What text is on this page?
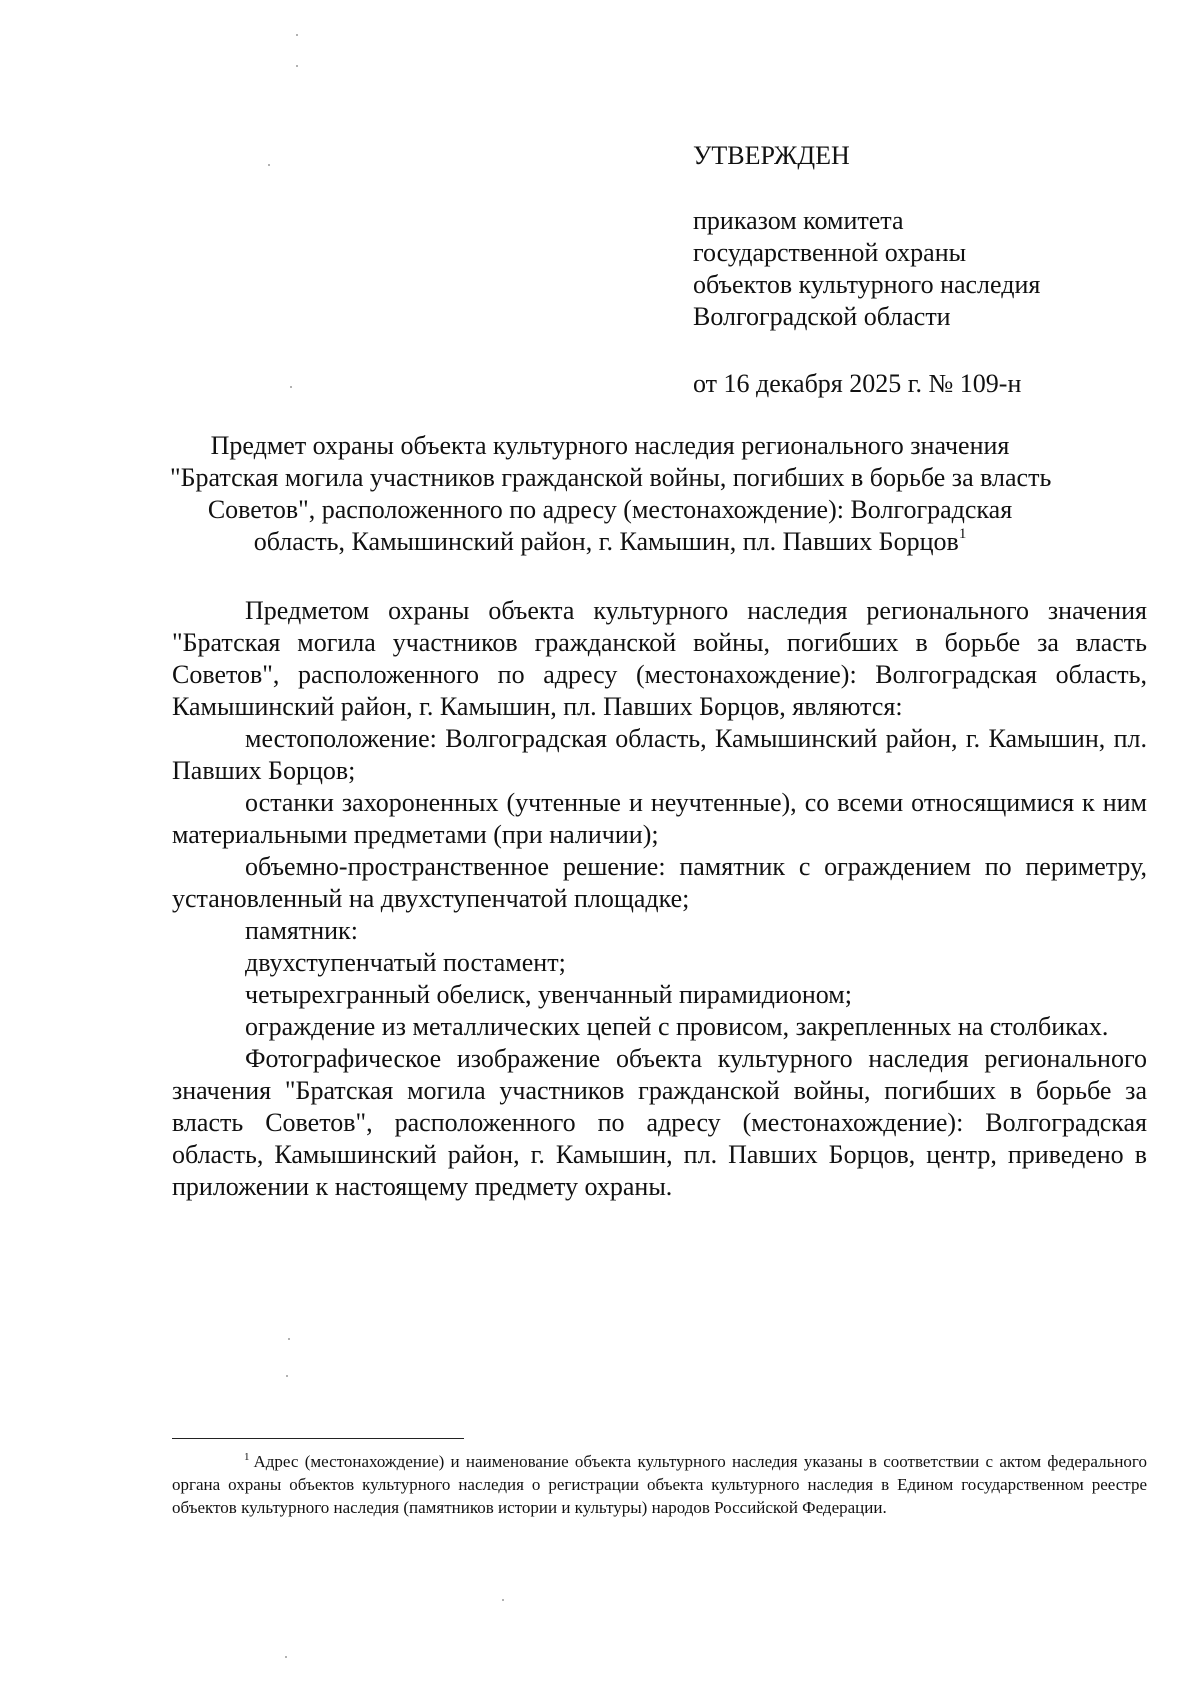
УТВЕРЖДЕН
приказом комитета
государственной охраны
объектов культурного наследия
Волгоградской области
от 16 декабря 2025 г. № 109-н
Предмет охраны объекта культурного наследия регионального значения
"Братская могила участников гражданской войны, погибших в борьбе за власть
Советов", расположенного по адресу (местонахождение): Волгоградская
область, Камышинский район, г. Камышин, пл. Павших Борцов$^1$

Предметом охраны объекта культурного наследия регионального значения "Братская могила участников гражданской войны, погибших в борьбе за власть Советов", расположенного по адресу (местонахождение): Волгоградская область, Камышинский район, г. Камышин, пл. Павших Борцов, являются:

местоположение: Волгоградская область, Камышинский район, г. Камышин, пл. Павших Борцов;

останки захороненных (учтенные и неучтенные), со всеми относящимися к ним материальными предметами (при наличии);

объемно-пространственное решение: памятник с ограждением по периметру, установленный на двухступенчатой площадке;

памятник:

двухступенчатый постамент;

четырехгранный обелиск, увенчанный пирамидионом;

ограждение из металлических цепей с провисом, закрепленных на столбиках.

Фотографическое изображение объекта культурного наследия регионального значения "Братская могила участников гражданской войны, погибших в борьбе за власть Советов", расположенного по адресу (местонахождение): Волгоградская область, Камышинский район, г. Камышин, пл. Павших Борцов, центр, приведено в приложении к настоящему предмету охраны.

$^1$ Адрес (местонахождение) и наименование объекта культурного наследия указаны в соответствии с актом федерального органа охраны объектов культурного наследия о регистрации объекта культурного наследия в Едином государственном реестре объектов культурного наследия (памятников истории и культуры) народов Российской Федерации.
